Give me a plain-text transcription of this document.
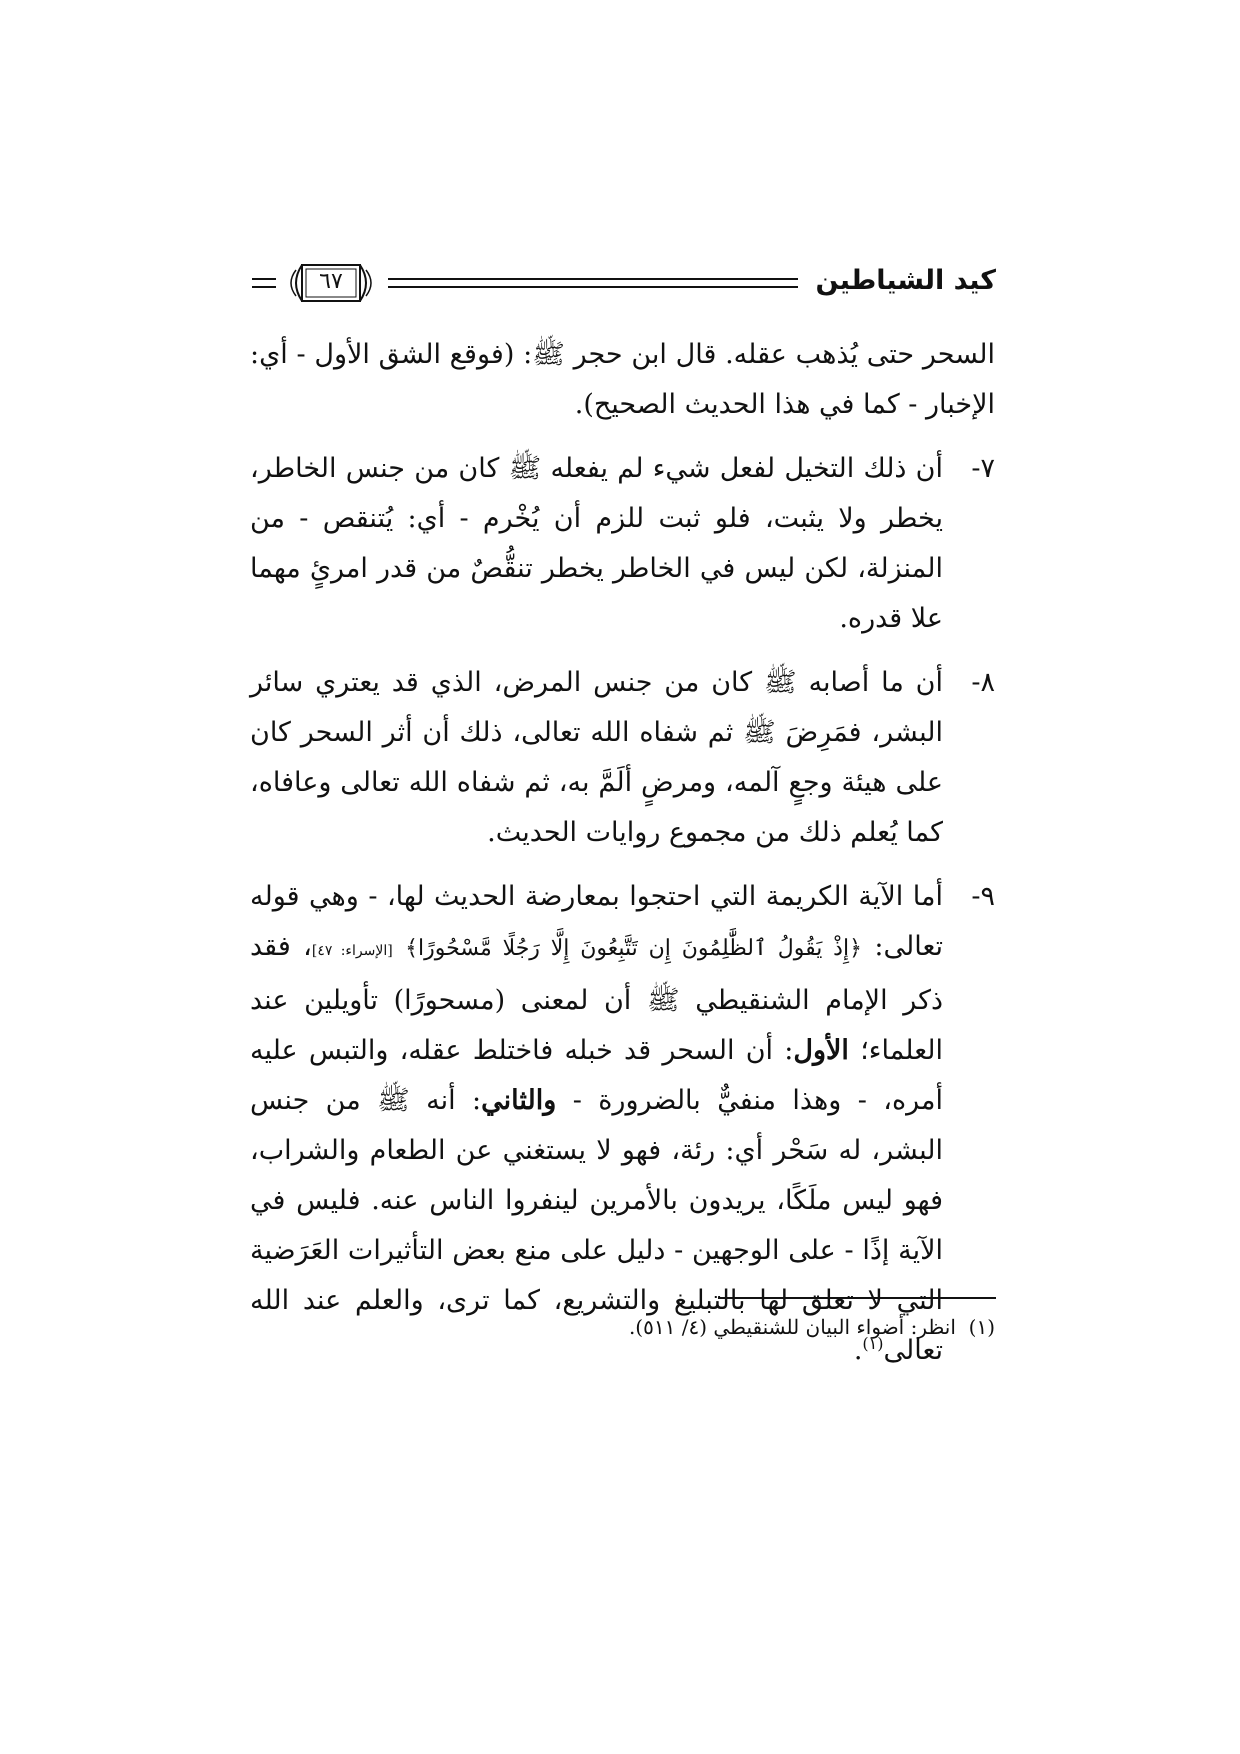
كيد الشياطين
٦٧

السحر حتى يُذهب عقله. قال ابن حجر ﷺ: (فوقع الشق الأول - أي: الإخبار - كما في هذا الحديث الصحيح).

٧-
أن ذلك التخيل لفعل شيء لم يفعله ﷺ كان من جنس الخاطر، يخطر ولا يثبت، فلو ثبت للزم أن يُخْرم - أي: يُتنقص - من المنزلة، لكن ليس في الخاطر يخطر تنقُّصٌ من قدر امرئٍ مهما علا قدره.
٨-
أن ما أصابه ﷺ كان من جنس المرض، الذي قد يعتري سائر البشر، فمَرِضَ ﷺ ثم شفاه الله تعالى، ذلك أن أثر السحر كان على هيئة وجعٍ آلمه، ومرضٍ ألَمَّ به، ثم شفاه الله تعالى وعافاه، كما يُعلم ذلك من مجموع روايات الحديث.
٩-
أما الآية الكريمة التي احتجوا بمعارضة الحديث لها، - وهي قوله تعالى: ﴿إِذْ يَقُولُ ٱلظَّٰلِمُونَ إِن تَتَّبِعُونَ إِلَّا رَجُلًا مَّسْحُورًا﴾ [الإسراء: ٤٧]، فقد ذكر الإمام الشنقيطي ﷺ أن لمعنى (مسحورًا) تأويلين عند العلماء؛ الأول: أن السحر قد خبله فاختلط عقله، والتبس عليه أمره، - وهذا منفيٌّ بالضرورة - والثاني: أنه ﷺ من جنس البشر، له سَحْر أي: رئة، فهو لا يستغني عن الطعام والشراب، فهو ليس ملَكًا، يريدون بالأمرين لينفروا الناس عنه. فليس في الآية إذًا - على الوجهين - دليل على منع بعض التأثيرات العَرَضية التي لا تعلق لها بالتبليغ والتشريع، كما ترى، والعلم عند الله تعالى$^{(١)}$.
(١)  انظر: أضواء البيان للشنقيطي (٤/ ٥١١).
